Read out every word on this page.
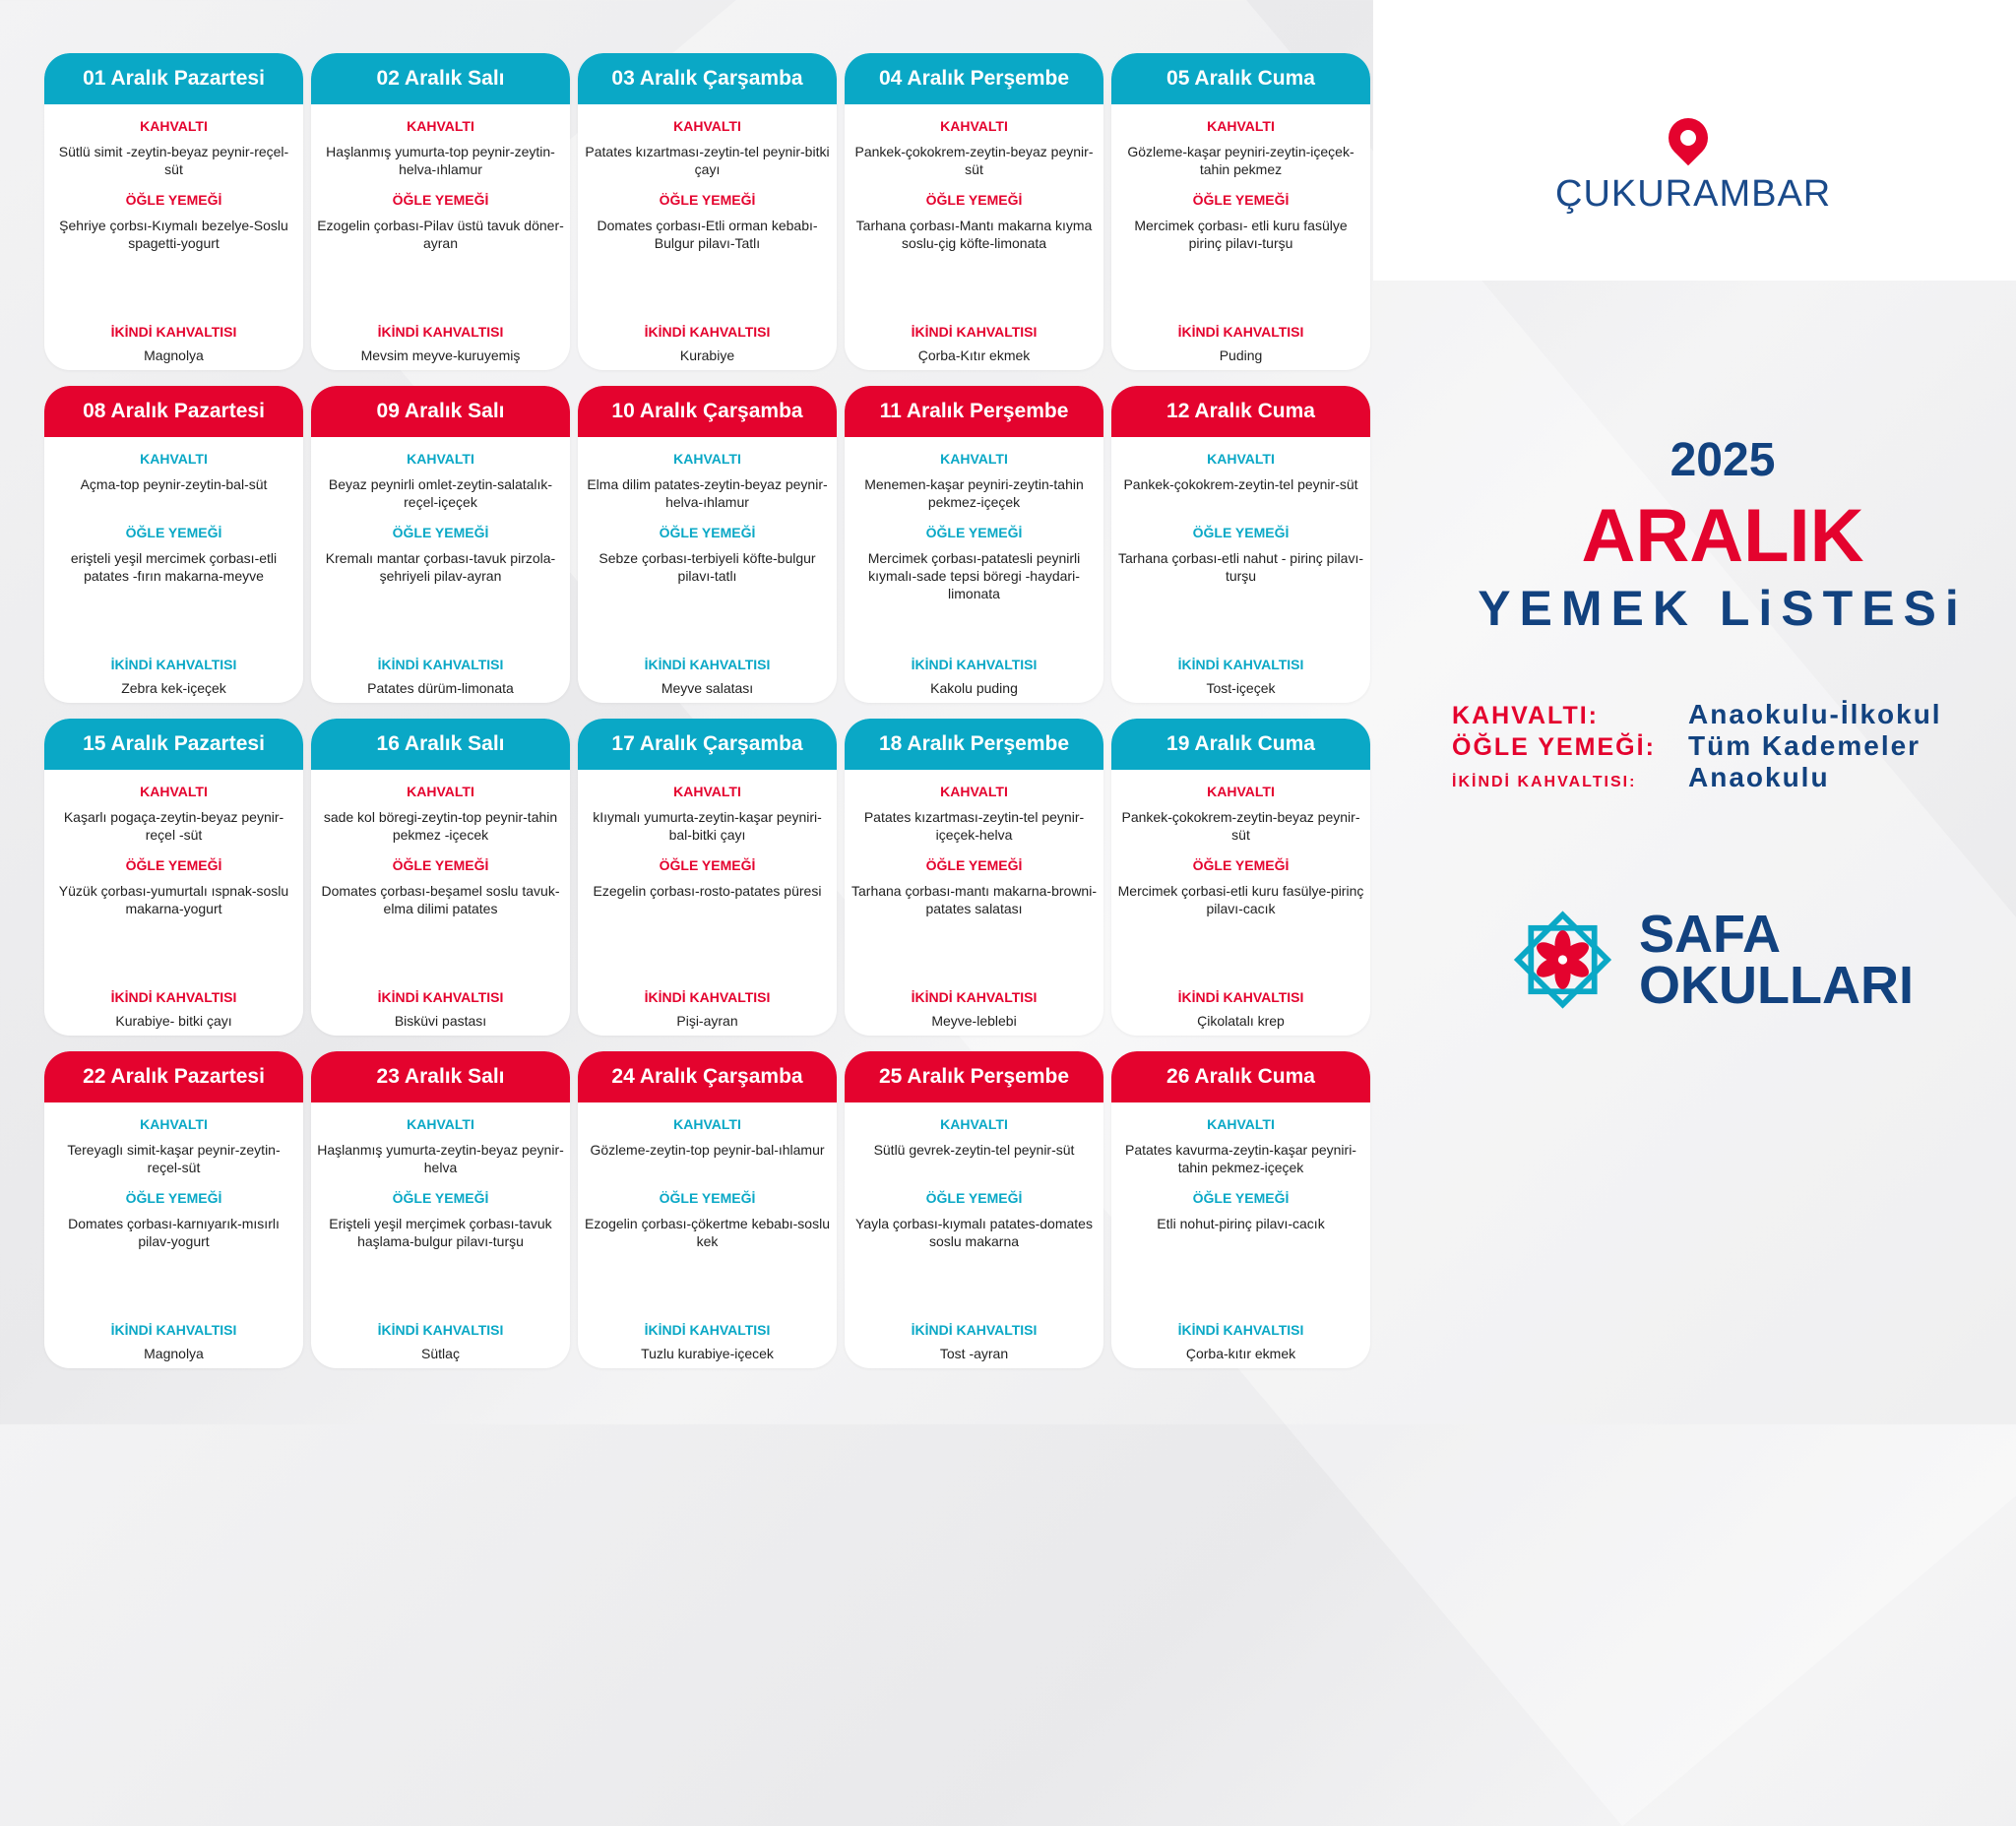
01 Aralık Pazartesi
KAHVALTI
Sütlü simit -zeytin-beyaz peynir-reçel-süt
ÖĞLE YEMEĞİ
Şehriye çorbsı-Kıymalı bezelye-Soslu spagetti-yogurt
İKİNDİ KAHVALTISI
Magnolya
02 Aralık Salı
KAHVALTI
Haşlanmış yumurta-top peynir-zeytin-helva-ıhlamur
ÖĞLE YEMEĞİ
Ezogelin çorbası-Pilav üstü tavuk döner-ayran
İKİNDİ KAHVALTISI
Mevsim meyve-kuruyemiş
03 Aralık Çarşamba
KAHVALTI
Patates kızartması-zeytin-tel peynir-bitki çayı
ÖĞLE YEMEĞİ
Domates çorbası-Etli orman kebabı-Bulgur pilavı-Tatlı
İKİNDİ KAHVALTISI
Kurabiye
04 Aralık Perşembe
KAHVALTI
Pankek-çokokrem-zeytin-beyaz peynir-süt
ÖĞLE YEMEĞİ
Tarhana çorbası-Mantı makarna kıyma soslu-çig köfte-limonata
İKİNDİ KAHVALTISI
Çorba-Kıtır ekmek
05 Aralık Cuma
KAHVALTI
Gözleme-kaşar peyniri-zeytin-içeçek-tahin pekmez
ÖĞLE YEMEĞİ
Mercimek çorbası- etli kuru fasülye pirinç pilavı-turşu
İKİNDİ KAHVALTISI
Puding
08 Aralık Pazartesi
KAHVALTI
Açma-top peynir-zeytin-bal-süt
ÖĞLE YEMEĞİ
erişteli yeşil mercimek çorbası-etli patates -fırın makarna-meyve
İKİNDİ KAHVALTISI
Zebra kek-içeçek
09 Aralık Salı
KAHVALTI
Beyaz peynirli omlet-zeytin-salatalık-reçel-içeçek
ÖĞLE YEMEĞİ
Kremalı mantar çorbası-tavuk pirzola-şehriyeli pilav-ayran
İKİNDİ KAHVALTISI
Patates dürüm-limonata
10 Aralık Çarşamba
KAHVALTI
Elma dilim patates-zeytin-beyaz peynir-helva-ıhlamur
ÖĞLE YEMEĞİ
Sebze çorbası-terbiyeli köfte-bulgur pilavı-tatlı
İKİNDİ KAHVALTISI
Meyve salatası
11 Aralık Perşembe
KAHVALTI
Menemen-kaşar peyniri-zeytin-tahin pekmez-içeçek
ÖĞLE YEMEĞİ
Mercimek çorbası-patatesli peynirli kıymalı-sade tepsi böregi -haydari-limonata
İKİNDİ KAHVALTISI
Kakolu puding
12 Aralık Cuma
KAHVALTI
Pankek-çokokrem-zeytin-tel peynir-süt
ÖĞLE YEMEĞİ
Tarhana çorbası-etli nahut - pirinç pilavı-turşu
İKİNDİ KAHVALTISI
Tost-içeçek
15 Aralık Pazartesi
KAHVALTI
Kaşarlı pogaça-zeytin-beyaz peynir-reçel -süt
ÖĞLE YEMEĞİ
Yüzük çorbası-yumurtalı ıspnak-soslu makarna-yogurt
İKİNDİ KAHVALTISI
Kurabiye- bitki çayı
16 Aralık Salı
KAHVALTI
sade kol böregi-zeytin-top peynir-tahin pekmez -içecek
ÖĞLE YEMEĞİ
Domates çorbası-beşamel soslu tavuk-elma dilimi patates
İKİNDİ KAHVALTISI
Bisküvi pastası
17 Aralık Çarşamba
KAHVALTI
kIıymalı yumurta-zeytin-kaşar peyniri-bal-bitki çayı
ÖĞLE YEMEĞİ
Ezegelin çorbası-rosto-patates püresi
İKİNDİ KAHVALTISI
Pişi-ayran
18 Aralık Perşembe
KAHVALTI
Patates kızartması-zeytin-tel peynir-içeçek-helva
ÖĞLE YEMEĞİ
Tarhana çorbası-mantı makarna-browni-patates salatası
İKİNDİ KAHVALTISI
Meyve-leblebi
19 Aralık Cuma
KAHVALTI
Pankek-çokokrem-zeytin-beyaz peynir-süt
ÖĞLE YEMEĞİ
Mercimek çorbasi-etli kuru fasülye-pirinç pilavı-cacık
İKİNDİ KAHVALTISI
Çikolatalı krep
22 Aralık Pazartesi
KAHVALTI
Tereyaglı simit-kaşar peynir-zeytin- reçel-süt
ÖĞLE YEMEĞİ
Domates çorbası-karnıyarık-mısırlı pilav-yogurt
İKİNDİ KAHVALTISI
Magnolya
23 Aralık Salı
KAHVALTI
Haşlanmış yumurta-zeytin-beyaz peynir-helva
ÖĞLE YEMEĞİ
Erişteli yeşil merçimek çorbası-tavuk haşlama-bulgur pilavı-turşu
İKİNDİ KAHVALTISI
Sütlaç
24 Aralık Çarşamba
KAHVALTI
Gözleme-zeytin-top peynir-bal-ıhlamur
ÖĞLE YEMEĞİ
Ezogelin çorbası-çökertme kebabı-soslu kek
İKİNDİ KAHVALTISI
Tuzlu kurabiye-içecek
25 Aralık Perşembe
KAHVALTI
Sütlü gevrek-zeytin-tel peynir-süt
ÖĞLE YEMEĞİ
Yayla çorbası-kıymalı patates-domates soslu makarna
İKİNDİ KAHVALTISI
Tost -ayran
26 Aralık Cuma
KAHVALTI
Patates kavurma-zeytin-kaşar peyniri-tahin pekmez-içeçek
ÖĞLE YEMEĞİ
Etli nohut-pirinç pilavı-cacık
İKİNDİ KAHVALTISI
Çorba-kıtır ekmek
ÇUKURAMBAR
2025
ARALIK
YEMEK LiSTESi
KAHVALTI:	Anaokulu-İlkokul
ÖĞLE YEMEĞİ:	Tüm Kademeler
İKİNDİ KAHVALTISI:	Anaokulu
SAFA
OKULLARI
